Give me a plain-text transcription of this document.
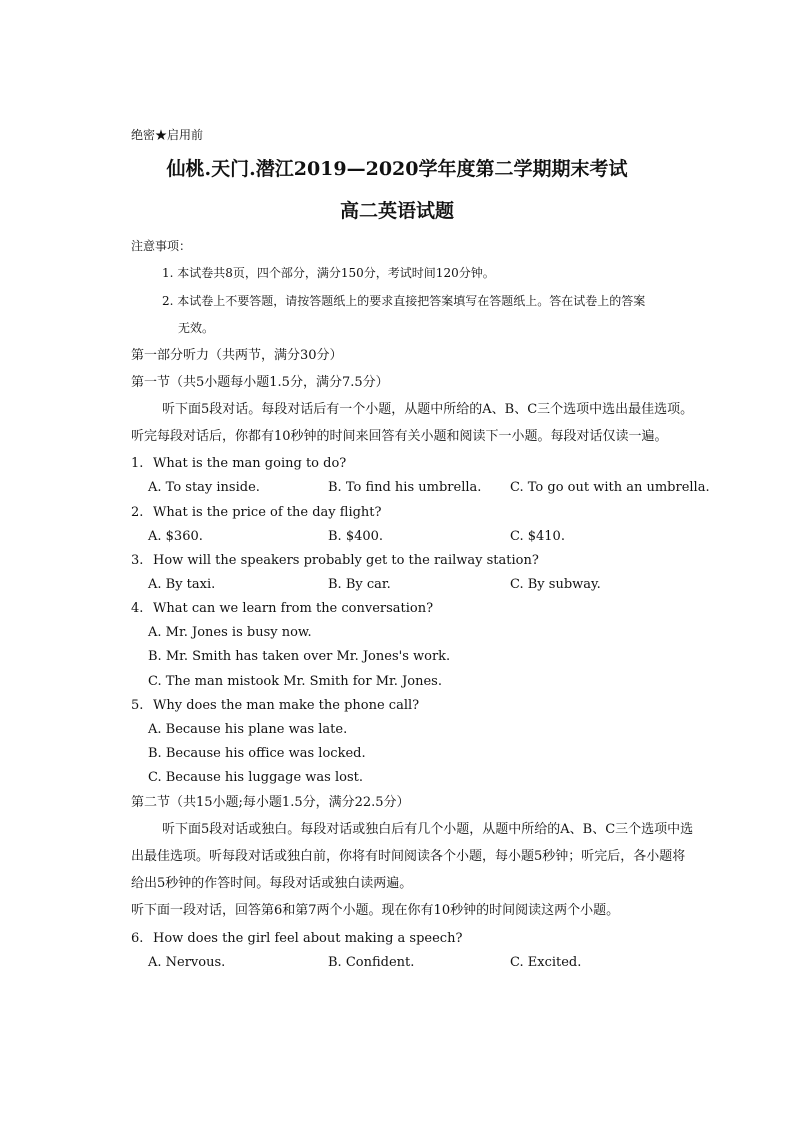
绝密★启用前
仙桃.天门.潜江2019—2020学年度第二学期期末考试
高二英语试题
注意事项：
1. 本试卷共8页，四个部分，满分150分，考试时间120分钟。
2. 本试卷上不要答题，请按答题纸上的要求直接把答案填写在答题纸上。答在试卷上的答案
无效。
第一部分听力（共两节，满分30分）
第一节（共5小题每小题1.5分，满分7.5分）
听下面5段对话。每段对话后有一个小题，从题中所给的A、B、C三个选项中选出最佳选项。
听完每段对话后，你都有10秒钟的时间来回答有关小题和阅读下一小题。每段对话仅读一遍。
1. What is the man going to do?
A. To stay inside.	B. To find his umbrella. C. To go out with an umbrella.
2. What is the price of the day flight?
A. $360.	B. $400.	C. $410.
3. How will the speakers probably get to the railway station?
A. By taxi.	B. By car.	C. By subway.
4. What can we learn from the conversation?
A. Mr. Jones is busy now.
B. Mr. Smith has taken over Mr. Jones's work.
C. The man mistook Mr. Smith for Mr. Jones.
5. Why does the man make the phone call?
A. Because his plane was late.
B. Because his office was locked.
C. Because his luggage was lost.
第二节（共15小题;每小题1.5分，满分22.5分）
听下面5段对话或独白。每段对话或独白后有几个小题，从题中所给的A、B、C三个选项中选
出最佳选项。听每段对话或独白前，你将有时间阅读各个小题，每小题5秒钟；听完后，各小题将
给出5秒钟的作答时间。每段对话或独白读两遍。
听下面一段对话，回答第6和第7两个小题。现在你有10秒钟的时间阅读这两个小题。
6. How does the girl feel about making a speech?
A. Nervous.	B. Confident.	C. Excited.
